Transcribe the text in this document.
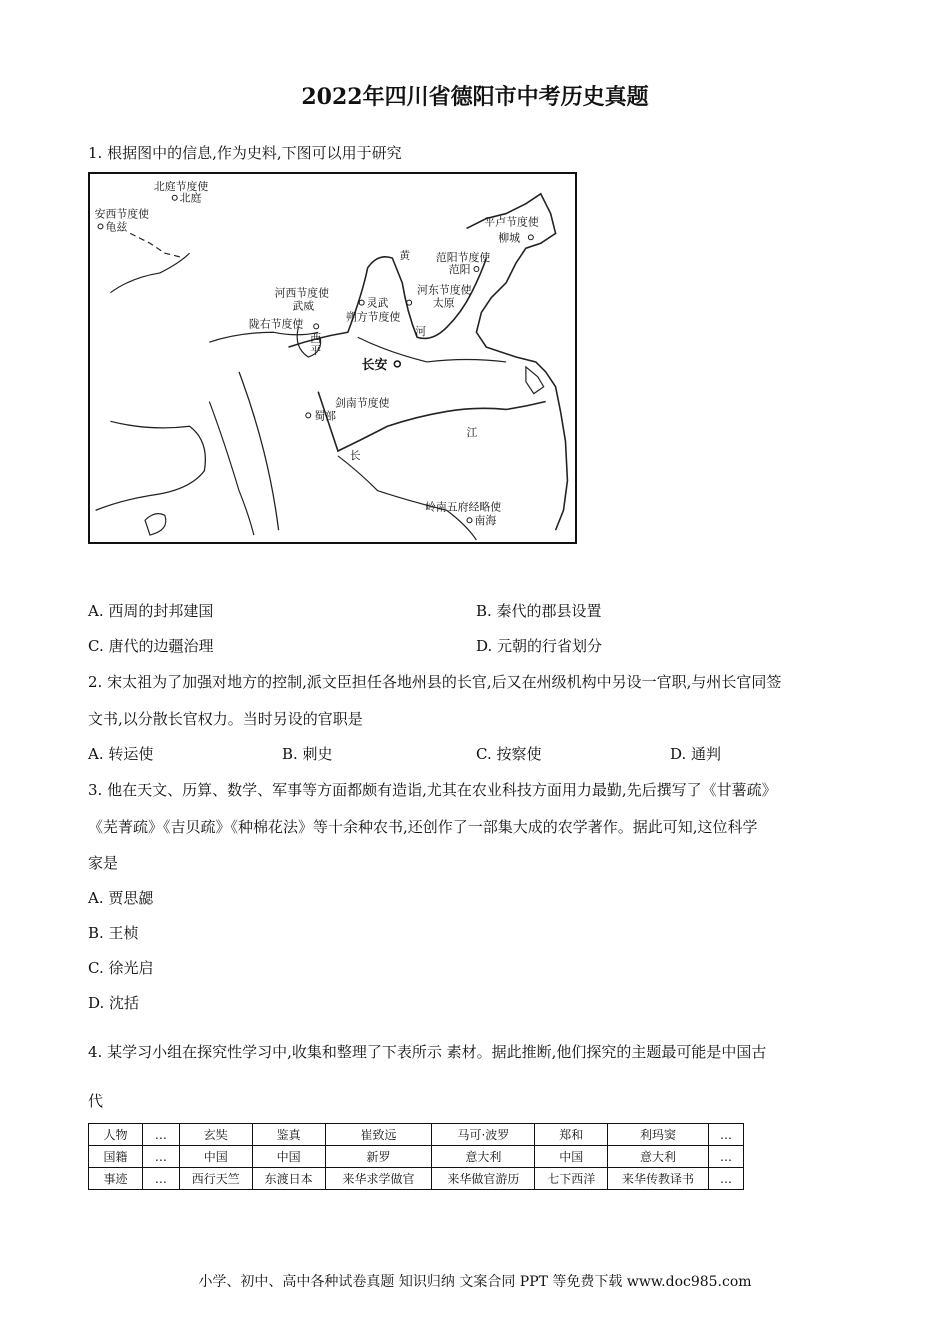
2022年四川省德阳市中考历史真题
1. 根据图中的信息,作为史料,下图可以用于研究
北庭节度使
北庭
安西节度使
龟兹	平卢节度使
柳城
黄 范阳节度使
范阳
河西节度使
武威	灵武
河东节度使
太原
陇右节度使
朔方节度使
河
西
平
长安
剑南节度使
蜀部
江
长
岭南五府经略使
南海
A. 西周的封邦建国	B. 秦代的郡县设置
C. 唐代的边疆治理	D. 元朝的行省划分
2. 宋太祖为了加强对地方的控制,派文臣担任各地州县的长官,后又在州级机构中另设一官职,与州长官同签
文书,以分散长官权力。当时另设的官职是
A. 转运使	B. 刺史	C. 按察使	D. 通判
3. 他在天文、历算、数学、军事等方面都颇有造诣,尤其在农业科技方面用力最勤,先后撰写了《甘薯疏》
《芜菁疏》《吉贝疏》《种棉花法》等十余种农书,还创作了一部集大成的农学著作。据此可知,这位科学
家是
A. 贾思勰
B. 王桢
C. 徐光启
D. 沈括
4. 某学习小组在探究性学习中,收集和整理了下表所示 素材。据此推断,他们探究的主题最可能是中国古
代
人物	…	玄奘	鉴真	崔致远	马可·波罗	郑和	利玛窦	…
国籍	…	中国	中国	新罗	意大利	中国	意大利	…
事迹	…	西行天竺	东渡日本	来华求学做官	来华做官游历	七下西洋	来华传教译书	…
小学、初中、高中各种试卷真题 知识归纳 文案合同 PPT 等免费下载 www.doc985.com
